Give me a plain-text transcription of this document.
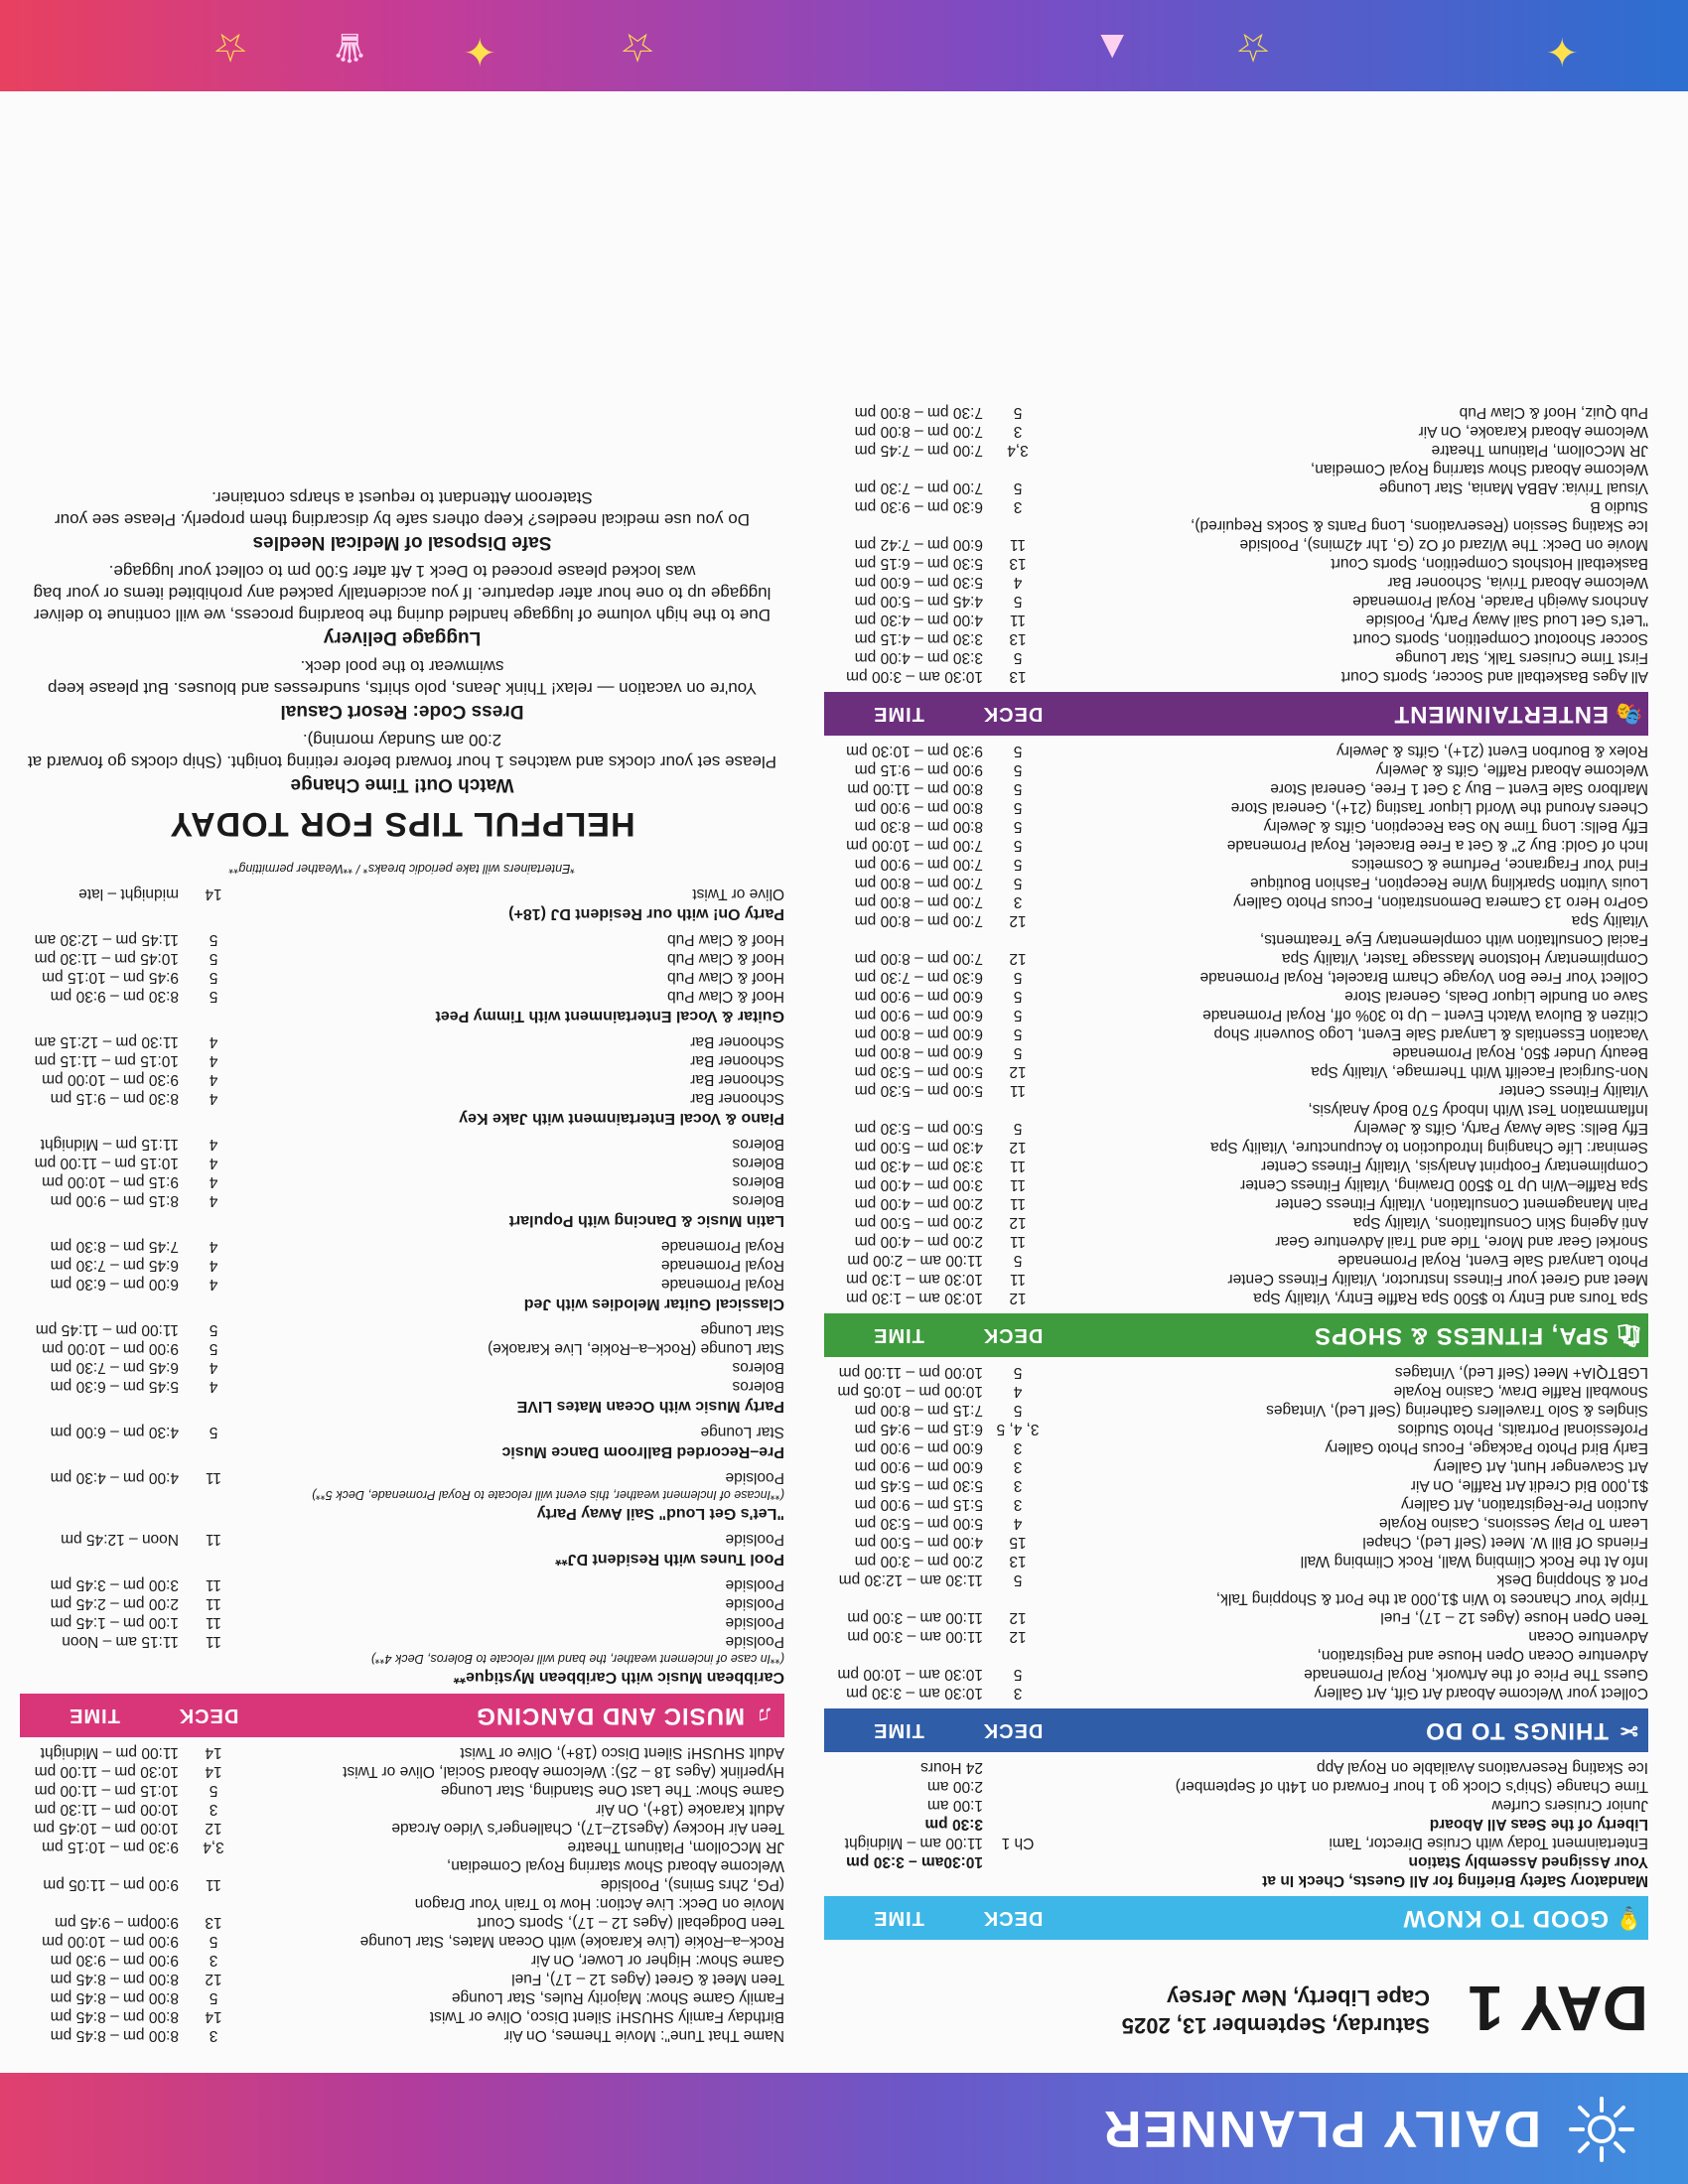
DAILY PLANNER
☆
✦
☆	☆	✦
▲
♛
DAY 1
Saturday, September 13, 2025
Cape Liberty, New Jersey
💡
GOOD TO KNOW
DECK
TIME
Mandatory Safety Briefing for All Guests, Check In at
Your Assigned Assembly Station
10:30am – 3:30 pm
Entertainment Today with Cruise Director, Tami
Ch 1
11:00 am – Midnight
Liberty of the Seas All Aboard
3:30 pm
Junior Cruisers Curfew
1:00 am
Time Change (Ship's Clock go 1 hour Forward on 14th of September)
2:00 am
Ice Skating Reservations Available on Royal App
24 Hours
✂
THINGS TO DO
DECK
TIME
Collect your Welcome Aboard Art Gift, Art Gallery
3
10:30 am – 3:30 pm
Guess The Price of the Artwork, Royal Promenade
5
10:30 am – 10:00 pm
Adventure Ocean Open House and Registration,
Adventure Ocean
12
11:00 am – 3:00 pm
Teen Open House (Ages 12 – 17), Fuel
12
11:00 am – 3:00 pm
Triple Your Chances to Win $1,000 at the Port & Shopping Talk,
Port & Shopping Desk
5
11:30 am – 12:30 pm
Info At the Rock Climbing Wall, Rock Climbing Wall
13
2:00 pm – 3:00 pm
Friends Of Bill W. Meet (Self Led), Chapel
15
4:00 pm – 5:00 pm
Learn To Play Sessions, Casino Royale
4
5:00 pm – 5:30 pm
Auction Pre-Registration, Art Gallery
3
5:15 pm – 9:00 pm
$1,000 Bid Credit Art Raffle, On Air
3
5:30 pm – 5:45 pm
Art Scavenger Hunt, Art Gallery
3
6:00 pm – 9:00 pm
Early Bird Photo Package, Focus Photo Gallery
3
6:00 pm – 9:00 pm
Professional Portraits, Photo Studios
3, 4, 5
6:15 pm – 9:45 pm
Singles & Solo Travellers Gathering (Self Led), Vintages
5
7:15 pm – 8:00 pm
Snowball Raffle Draw, Casino Royale
4
10:00 pm – 10:05 pm
LGBTQIA+ Meet (Self Led), Vintages
5
10:00 pm – 11:00 pm
🛍
SPA, FITNESS & SHOPS
DECK
TIME
Spa Tours and Entry to $500 Spa Raffle Entry, Vitality Spa
12
10:30 am – 1:30 pm
Meet and Greet your Fitness Instructor, Vitality Fitness Center
11
10:30 am – 1:30 pm
Photo Lanyard Sale Event, Royal Promenade
5
11:00 am – 2:00 pm
Snorkel Gear and More, Tide and Trail Adventure Gear
11
2:00 pm – 4:00 pm
Anti Ageing Skin Consultations, Vitality Spa
12
2:00 pm – 5:00 pm
Pain Management Consultation, Vitality Fitness Center
11
2:00 pm – 4:00 pm
Spa Raffle–Win Up To $500 Drawing, Vitality Fitness Center
11
3:00 pm – 4:00 pm
Complimentary Footprint Analysis, Vitality Fitness Center
11
3:30 pm – 4:30 pm
Seminar: Life Changing Introduction to Acupuncture, Vitality Spa
12
4:30 pm – 5:00 pm
Effy Bells: Sale Away Party, Gifts & Jewelry
5
5:00 pm – 5:30 pm
Inflammation Test With Inbody 570 Body Analysis,
Vitality Fitness Center
11
5:00 pm – 5:30 pm
Non-Surgical Facelift With Thermage, Vitality Spa
12
5:00 pm – 5:30 pm
Beauty Under $50, Royal Promenade
5
6:00 pm – 8:00 pm
Vacation Essentials & Lanyard Sale Event, Logo Souvenir Shop
5
6:00 pm – 8:00 pm
Citizen & Bulova Watch Event – Up to 30% off, Royal Promenade
5
6:00 pm – 9:00 pm
Save on Bundle Liquor Deals, General Store
5
6:00 pm – 9:00 pm
Collect Your Free Bon Voyage Charm Bracelet, Royal Promenade
5
6:30 pm – 7:30 pm
Complimentary Hotstone Massage Taster, Vitality Spa
12
7:00 pm – 8:00 pm
Facial Consultation with complementary Eye Treatments,
Vitality Spa
12
7:00 pm – 8:00 pm
GoPro Hero 13 Camera Demonstration, Focus Photo Gallery
3
7:00 pm – 8:00 pm
Louis Vuitton Sparkling Wine Reception, Fashion Boutique
5
7:00 pm – 8:00 pm
Find Your Fragrance, Perfume & Cosmetics
5
7:00 pm – 9:00 pm
Inch of Gold: Buy 2" & Get a Free Bracelet, Royal Promenade
5
7:00 pm – 10:00 pm
Effy Bells: Long Time No Sea Reception, Gifts & Jewelry
5
8:00 pm – 8:30 pm
Cheers Around the World Liquor Tasting (21+), General Store
5
8:00 pm – 9:00 pm
Marlboro Sale Event – Buy 3 Get 1 Free, General Store
5
8:00 pm – 11:00 pm
Welcome Aboard Raffle, Gifts & Jewelry
5
9:00 pm – 9:15 pm
Rolex & Bourbon Event (21+), Gifts & Jewelry
5
9:30 pm – 10:30 pm
🎭
ENTERTAINMENT
DECK
TIME
All Ages Basketball and Soccer, Sports Court
13
10:30 am – 3:00 pm
First Time Cruisers Talk, Star Lounge
5
3:30 pm – 4:00 pm
Soccer Shootout Competition, Sports Court
13
3:30 pm – 4:15 pm
"Let's Get Loud Sail Away Party, Poolside
11
4:00 pm – 4:30 pm
Anchors Aweigh Parade, Royal Promenade
5
4:45 pm – 5:00 pm
Welcome Aboard Trivia, Schooner Bar
4
5:30 pm – 6:00 pm
Basketball Hotshots Competition, Sports Court
13
5:30 pm – 6:15 pm
Movie on Deck: The Wizard of Oz (G, 1hr 42mins), Poolside
11
6:00 pm – 7:42 pm
Ice Skating Session (Reservations, Long Pants & Socks Required),
Studio B
3
6:30 pm – 9:30 pm
Visual Trivia: ABBA Mania, Star Lounge
5
7:00 pm – 7:30 pm
Welcome Aboard Show starring Royal Comedian,
JR McCollom, Platinum Theatre
3,4
7:00 pm – 7:45 pm
Welcome Aboard Karaoke, On Air
3
7:00 pm – 8:00 pm
Pub Quiz, Hoof & Claw Pub
5
7:30 pm – 8:00 pm
Name That Tune": Movie Themes, On Air
3
8:00 pm – 8:45 pm
Birthday Family SHUSH! Silent Disco, Olive or Twist
14
8:00 pm – 8:45 pm
Family Game Show: Majority Rules, Star Lounge
5
8:00 pm – 8:45 pm
Teen Meet & Greet (Ages 12 – 17), Fuel
12
8:00 pm – 8:45 pm
Game Show: Higher or Lower, On Air
3
9:00 pm – 9:30 pm
Rock–a–Rokie (Live Karaoke) with Ocean Mates, Star Lounge
5
9:00 pm – 10:00 pm
Teen Dodgeball (Ages 12 – 17), Sports Court
13
9:00pm – 9:45 pm
Movie on Deck: Live Action: How to Train Your Dragon
(PG, 2hrs 5mins), Poolside
11
9:00 pm – 11:05 pm
Welcome Aboard Show starring Royal Comedian,
JR McCollom, Platinum Theatre
3,4
9:30 pm – 10:15 pm
Teen Air Hockey (Ages12–17), Challenger's Video Arcade
12
10:00 pm – 10:45 pm
Adult Karaoke (18+), On Air
3
10:00 pm – 11:30 pm
Game Show: The Last One Standing, Star Lounge
5
10:15 pm – 11:00 pm
Hyperlink (Ages 18 – 25): Welcome Aboard Social, Olive or Twist
14
10:30 pm – 11:00 pm
Adult SHUSH! Silent Disco (18+), Olive or Twist
14
11:00 pm – Midnight
♫
MUSIC AND DANCING
DECK
TIME
Caribbean Music with Caribbean Mystique**
(**In case of inclement weather, the band will relocate to Boleros, Deck 4**)
Poolside
11
11:15 am – Noon
Poolside
11
1:00 pm – 1:45 pm
Poolside
11
2:00 pm – 2:45 pm
Poolside
11
3:00 pm – 3:45 pm
Pool Tunes with Resident DJ**
Poolside
11
Noon – 12:45 pm
"Let's Get Loud" Sail Away Party
(**Incase of Inclement weather, this event will relocate to Royal Promenade, Deck 5**)
Poolside
11
4:00 pm – 4:30 pm
Pre–Recorded Ballroom Dance Music
Star Lounge
5
4:30 pm – 6:00 pm
Party Music with Ocean Mates LIVE
Boleros
4
5:45 pm – 6:30 pm
Boleros
4
6:45 pm – 7:30 pm
Star Lounge (Rock–a–Rokie, Live Karaoke)
5
9:00 pm – 10:00 pm
Star Lounge
5
11:00 pm – 11:45 pm
Classical Guitar Melodies with Jed
Royal Promenade
4
6:00 pm – 6:30 pm
Royal Promenade
4
6:45 pm – 7:30 pm
Royal Promenade
4
7:45 pm – 8:30 pm
Latin Music & Dancing with Populart
Boleros
4
8:15 pm – 9:00 pm
Boleros
4
9:15 pm – 10:00 pm
Boleros
4
10:15 pm – 11:00 pm
Boleros
4
11:15 pm – Midnight
Piano & Vocal Entertainment with Jake Key
Schooner Bar
4
8:30 pm – 9:15 pm
Schooner Bar
4
9:30 pm – 10:00 pm
Schooner Bar
4
10:15 pm – 11:15 pm
Schooner Bar
4
11:30 pm – 12:15 am
Guitar & Vocal Entertainment with Timmy Peet
Hoof & Claw Pub
5
8:30 pm – 9:30 pm
Hoof & Claw Pub
5
9:45 pm – 10:15 pm
Hoof & Claw Pub
5
10:45 pm – 11:30 pm
Hoof & Claw Pub
5
11:45 pm – 12:30 am
Party On! with our Resident DJ (18+)
Olive or Twist
14
midnight – late
*Entertainers will take periodic breaks* / **Weather permitting**
HELPFUL TIPS FOR TODAY
Watch Out! Time Change
Please set your clocks and watches 1 hour forward before retiring tonight. (Ship clocks go forward at 2:00 am Sunday morning).
Dress Code: Resort Casual
You're on vacation — relax! Think Jeans, polo shirts, sundresses and blouses. But please keep swimwear to the pool deck.
Luggage Delivery
Due to the high volume of luggage handled during the boarding process, we will continue to deliver luggage up to one hour after departure. If you accidentally packed any prohibited items or your bag was locked please proceed to Deck 1 Aft after 5:00 pm to collect your luggage.
Safe Disposal of Medical Needles
Do you use medical needles? Keep others safe by discarding them properly. Please see your Stateroom Attendant to request a sharps container.
